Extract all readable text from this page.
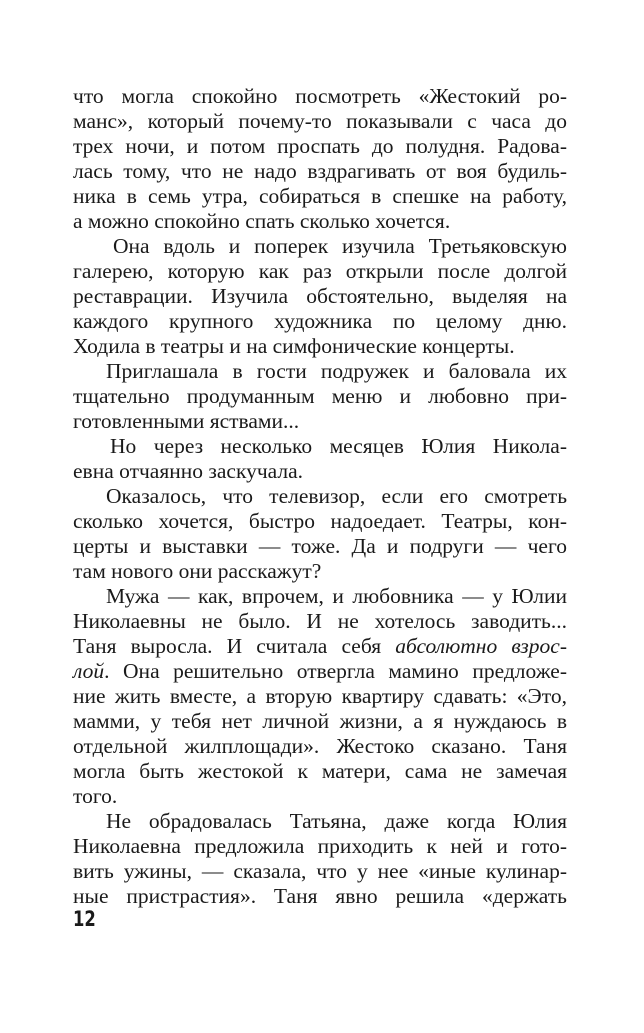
что могла спокойно посмотреть «Жестокий ро-
манс», который почему-то показывали с часа до
трех ночи, и потом проспать до полудня. Радова-
лась тому, что не надо вздрагивать от воя будиль-
ника в семь утра, собираться в спешке на работу,
а можно спокойно спать сколько хочется.

Она вдоль и поперек изучила Третьяковскую
галерею, которую как раз открыли после долгой
реставрации. Изучила обстоятельно, выделяя на
каждого крупного художника по целому дню.
Ходила в театры и на симфонические концерты.

Приглашала в гости подружек и баловала их
тщательно продуманным меню и любовно при-
готовленными яствами...

Но через несколько месяцев Юлия Николa-
евна отчаянно заскучала.

Оказалось, что телевизор, если его смотреть
сколько хочется, быстро надоедает. Театры, кон-
церты и выставки — тоже. Да и подруги — чего
там нового они расскажут?

Мужа — как, впрочем, и любовника — у Юлии
Николаевны не было. И не хотелось заводить...
Таня выросла. И считала себя абсолютно взрос-
лой. Она решительно отвергла мамино предложе-
ние жить вместе, а вторую квартиру сдавать: «Это,
мамми, у тебя нет личной жизни, а я нуждаюсь в
отдельной жилплощади». Жестоко сказано. Таня
могла быть жестокой к матери, сама не замечая
того.

Не обрадовалась Татьяна, даже когда Юлия
Николаевна предложила приходить к ней и гото-
вить ужины, — сказала, что у нее «иные кулинар-
ные пристрастия». Таня явно решила «держать

12
